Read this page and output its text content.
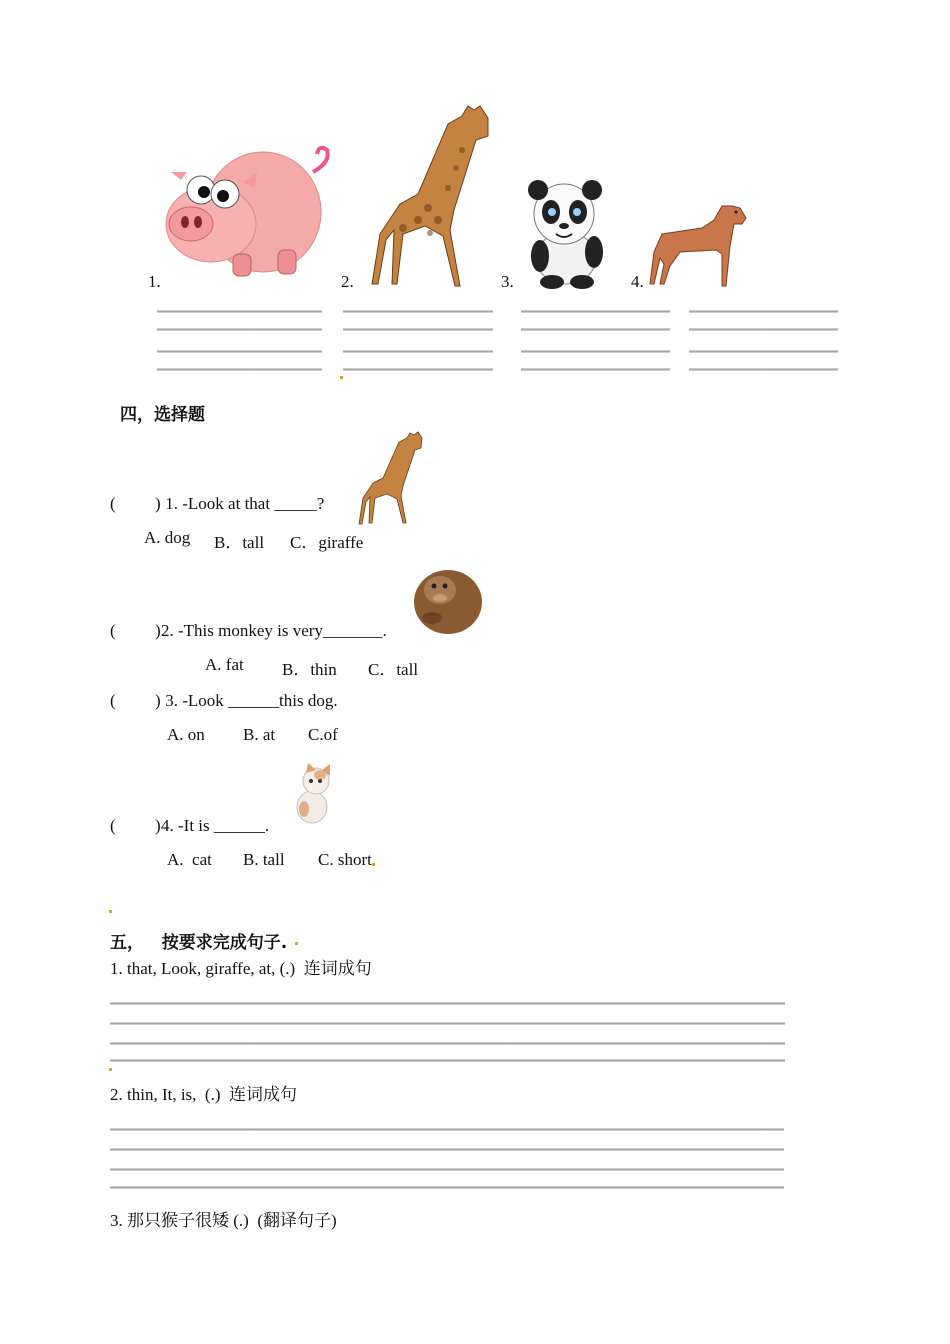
1.	2.	3.	4.
四，选择题
( ) 1. -Look at that _____?
A. dog B．tall C．giraffe
( ) 2. -This monkey is very_______.
A. fat B．thin C．tall
( ) 3. -Look ______this dog.
A. on B. at C.of
( ) 4. -It is ______.
A.  cat B. tall C. short
五，   按要求完成句子.
1. that, Look, giraffe, at, (.)  连词成句
2. thin, It, is,  (.)  连词成句
3. 那只猴子很矮 (.)  (翻译句子)
